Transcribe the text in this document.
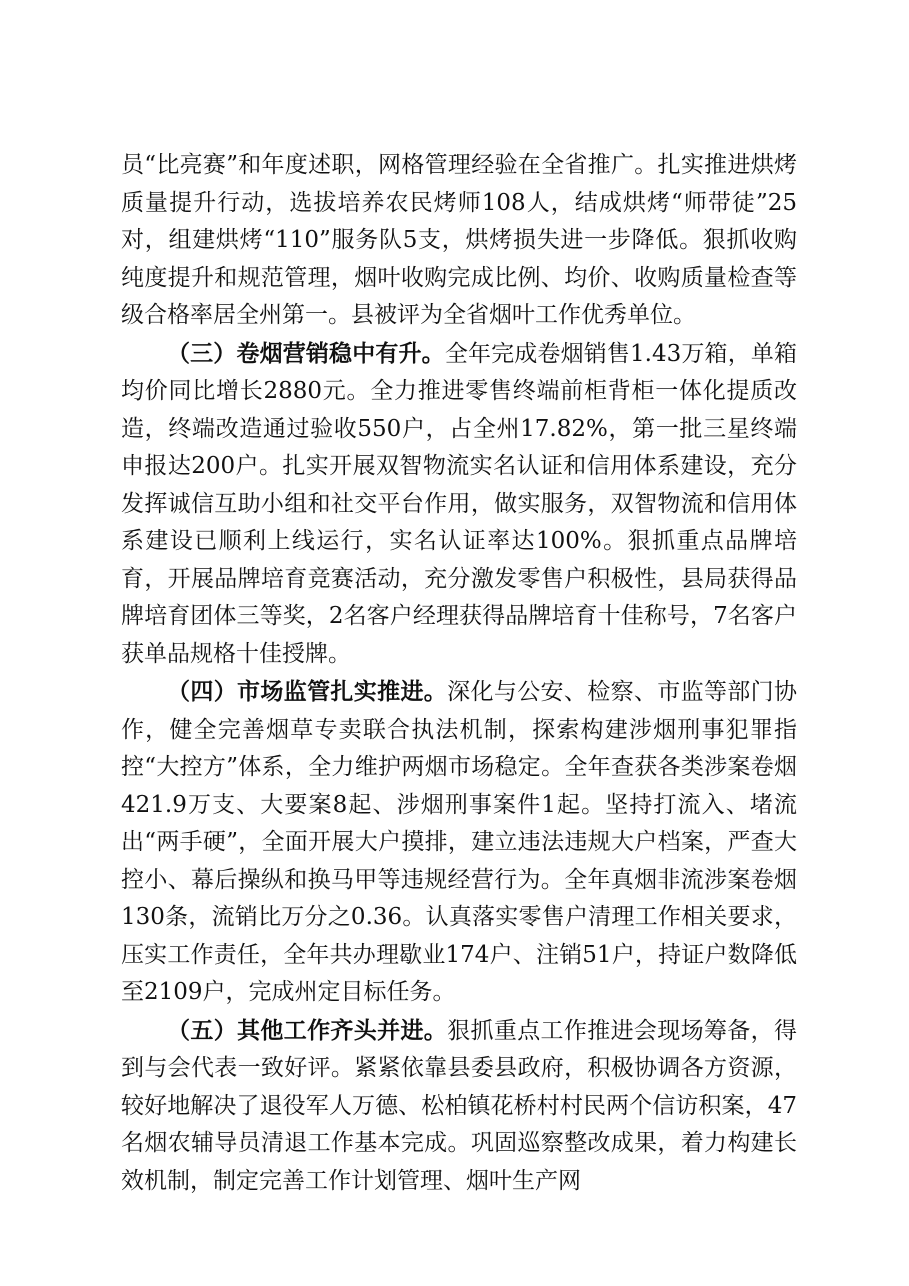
员“比亮赛”和年度述职，网格管理经验在全省推广。扎实推进烘烤质量提升行动，选拔培养农民烤师108人，结成烘烤“师带徒”25对，组建烘烤“110”服务队5支，烘烤损失进一步降低。狠抓收购纯度提升和规范管理，烟叶收购完成比例、均价、收购质量检查等级合格率居全州第一。县被评为全省烟叶工作优秀单位。

（三）卷烟营销稳中有升。全年完成卷烟销售1.43万箱，单箱均价同比增长2880元。全力推进零售终端前柜背柜一体化提质改造，终端改造通过验收550户，占全州17.82%，第一批三星终端申报达200户。扎实开展双智物流实名认证和信用体系建设，充分发挥诚信互助小组和社交平台作用，做实服务，双智物流和信用体系建设已顺利上线运行，实名认证率达100%。狠抓重点品牌培育，开展品牌培育竞赛活动，充分激发零售户积极性，县局获得品牌培育团体三等奖，2名客户经理获得品牌培育十佳称号，7名客户获单品规格十佳授牌。

（四）市场监管扎实推进。深化与公安、检察、市监等部门协作，健全完善烟草专卖联合执法机制，探索构建涉烟刑事犯罪指控“大控方”体系，全力维护两烟市场稳定。全年查获各类涉案卷烟421.9万支、大要案8起、涉烟刑事案件1起。坚持打流入、堵流出“两手硬”，全面开展大户摸排，建立违法违规大户档案，严查大控小、幕后操纵和换马甲等违规经营行为。全年真烟非流涉案卷烟130条，流销比万分之0.36。认真落实零售户清理工作相关要求，压实工作责任，全年共办理歇业174户、注销51户，持证户数降低至2109户，完成州定目标任务。

（五）其他工作齐头并进。狠抓重点工作推进会现场筹备，得到与会代表一致好评。紧紧依靠县委县政府，积极协调各方资源，较好地解决了退役军人万德、松柏镇花桥村村民两个信访积案，47名烟农辅导员清退工作基本完成。巩固巡察整改成果，着力构建长效机制，制定完善工作计划管理、烟叶生产网
